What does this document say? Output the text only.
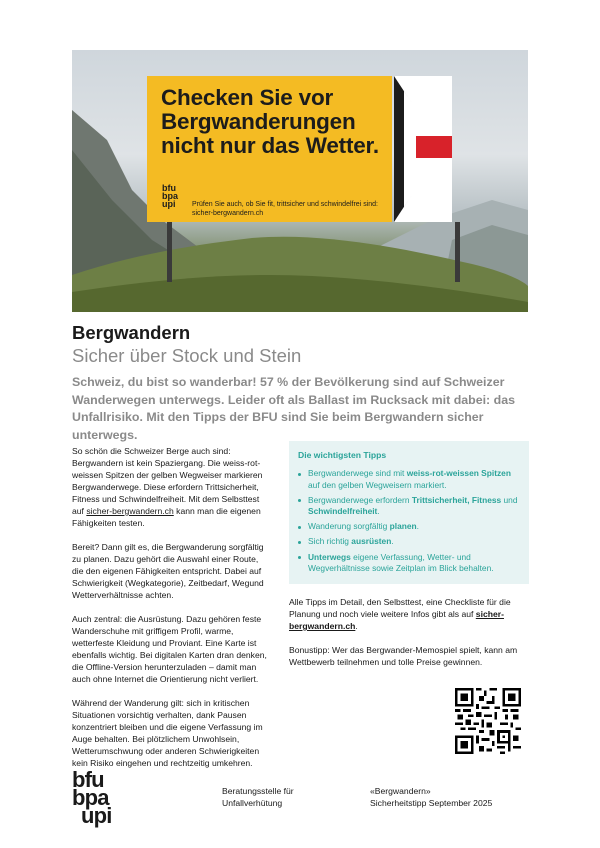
Checken Sie vor Bergwanderungen nicht nur das Wetter.
bfu
bpa
upi	Prüfen Sie auch, ob Sie fit, trittsicher und schwindelfrei sind:
sicher-bergwandern.ch
Bergwandern
Sicher über Stock und Stein
Schweiz, du bist so wanderbar! 57 % der Bevölkerung sind auf Schweizer Wanderwegen unterwegs. Leider oft als Ballast im Rucksack mit dabei: das Unfallrisiko. Mit den Tipps der BFU sind Sie beim Bergwandern sicher unterwegs.

So schön die Schweizer Berge auch sind: Bergwandern ist kein Spaziergang. Die weiss-rot-weissen Spitzen der gelben Wegweiser markieren Bergwanderwege. Diese erfordern Trittsicherheit, Fitness und Schwindelfreiheit. Mit dem Selbsttest auf sicher-bergwandern.ch kann man die eigenen Fähigkeiten testen.

Bereit? Dann gilt es, die Bergwanderung sorgfältig zu planen. Dazu gehört die Auswahl einer Route, die den eigenen Fähigkeiten entspricht. Dabei auf Schwierigkeit (Wegkategorie), Zeitbedarf, Wegund Wetterverhältnisse achten.

Auch zentral: die Ausrüstung. Dazu gehören feste Wanderschuhe mit griffigem Profil, warme, wetterfeste Kleidung und Proviant. Eine Karte ist ebenfalls wichtig. Bei digitalen Karten dran denken, die Offline-Version herunterzuladen – damit man auch ohne Internet die Orientierung nicht verliert.

Während der Wanderung gilt: sich in kritischen Situationen vorsichtig verhalten, dank Pausen konzentriert bleiben und die eigene Verfassung im Auge behalten. Bei plötzlichem Unwohlsein, Wetterumschwung oder anderen Schwierigkeiten kein Risiko eingehen und rechtzeitig umkehren.

Die wichtigsten Tipps
Bergwanderwege sind mit weiss-rot-weissen Spitzen auf den gelben Wegweisern markiert.
Bergwanderwege erfordern Trittsicherheit, Fitness und Schwindelfreiheit.
Wanderung sorgfältig planen.
Sich richtig ausrüsten.
Unterwegs eigene Verfassung, Wetter- und Wegverhältnisse sowie Zeitplan im Blick behalten.

Alle Tipps im Detail, den Selbsttest, eine Checkliste für die Planung und noch viele weitere Infos gibt als auf sicher-bergwandern.ch.

Bonustipp: Wer das Bergwander-Memospiel spielt, kann am Wettbewerb teilnehmen und tolle Preise gewinnen.

bfu
bpa
upi
Beratungsstelle für
Unfallverhütung
«Bergwandern»
Sicherheitstipp September 2025
